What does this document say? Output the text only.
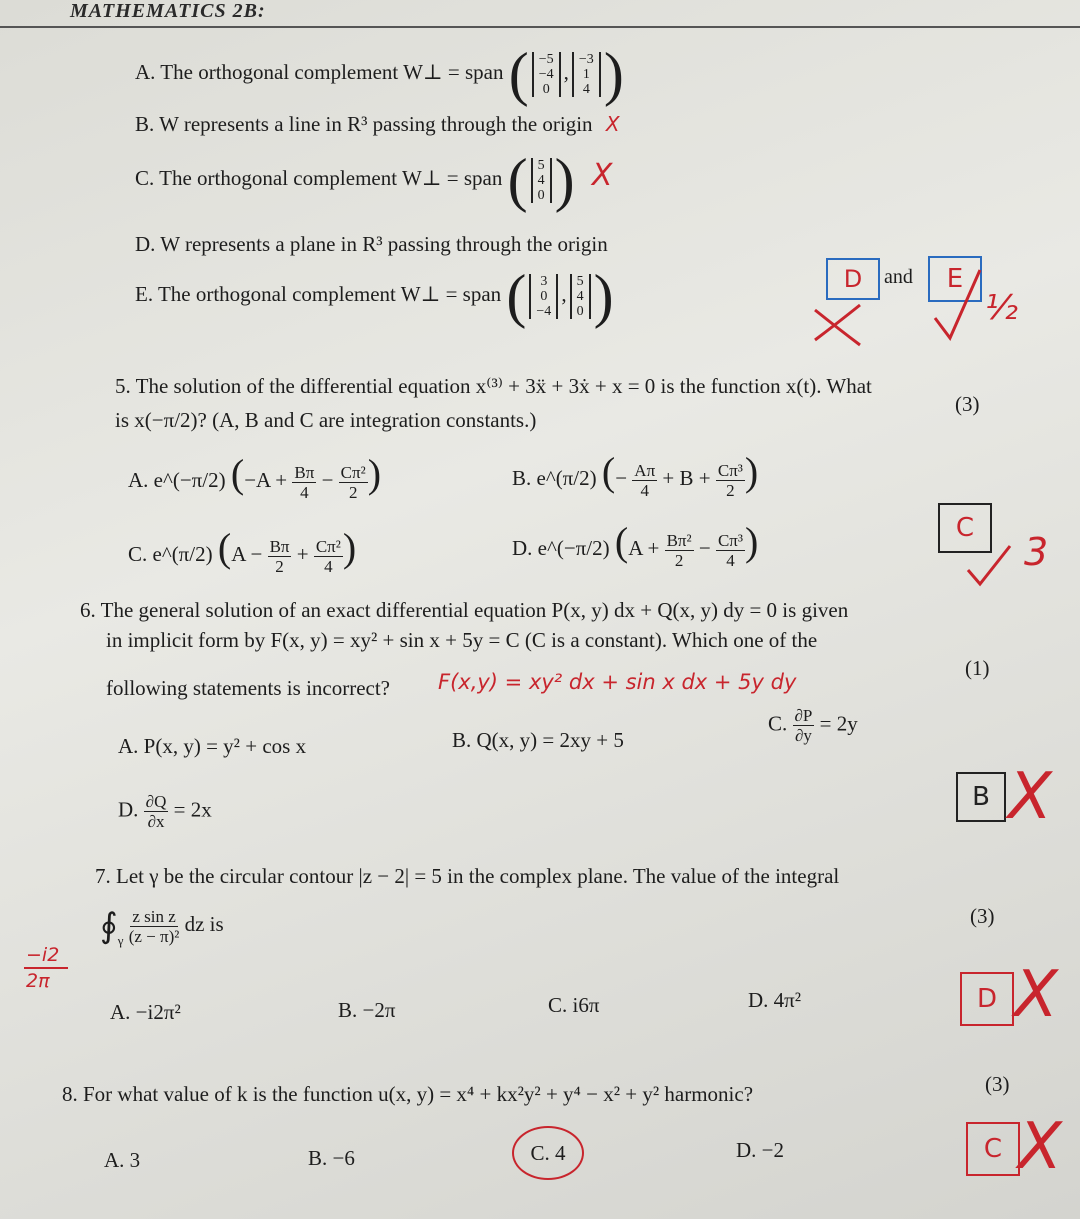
MATHEMATICS 2B:
A. The orthogonal complement W⊥ = span ( −5
−4
0
,
−3
1
4 )
B. W represents a line in R³ passing through the origin X
C. The orthogonal complement W⊥ = span ( 5
4
0 ) X
D. W represents a plane in R³ passing through the origin
E. The orthogonal complement W⊥ = span ( 3
0
−4
,
5
4
0 )	D	and	E
½
5. The solution of the differential equation x⁽³⁾ + 3ẍ + 3ẋ + x = 0 is the function x(t). What
(3)
is x(−π/2)? (A, B and C are integration constants.)
A. e^(−π/2) ($-A + \frac{B\pi}{4} - \frac{\text{Cπ²}}{2}$ )	B. e^(π/2) (− $\frac{A\pi}{4} + B + \frac{\text{Cπ³}}{2}$ )
C. e^(π/2) ($A - \frac{B\pi}{2} + \frac{\text{Cπ²}}{4}$ )	D. e^(−π/2) ($A + \frac{\text{Bπ²}}{2} - \frac{\text{Cπ³}}{4}$ )	C
3
6. The general solution of an exact differential equation P(x, y) dx + Q(x, y) dy = 0 is given
in implicit form by F(x, y) = xy² + sin x + 5y = C (C is a constant). Which one of the
following statements is incorrect?
(1)
F(x,y) = xy² dx + sin x dx + 5y dy
A. P(x, y) = y² + cos x	B. Q(x, y) = 2xy + 5
C. $\frac{\partial P}{\partial y} = 2y$
D. $\frac{\partial Q}{\partial x} = 2x$	B X
7. Let γ be the circular contour |z − 2| = 5 in the complex plane. The value of the integral
(3)
$∮_\gamma \frac{\text{z sin z}}{\text{(z − π)²}}$ dz is
−i2
2π
A. −i2π²	B. −2π	C. i6π	D. 4π²	D X
8. For what value of k is the function u(x, y) = x⁴ + kx²y² + y⁴ − x² + y² harmonic?	(3)
A. 3	B. −6	C. 4	D. −2	C X
